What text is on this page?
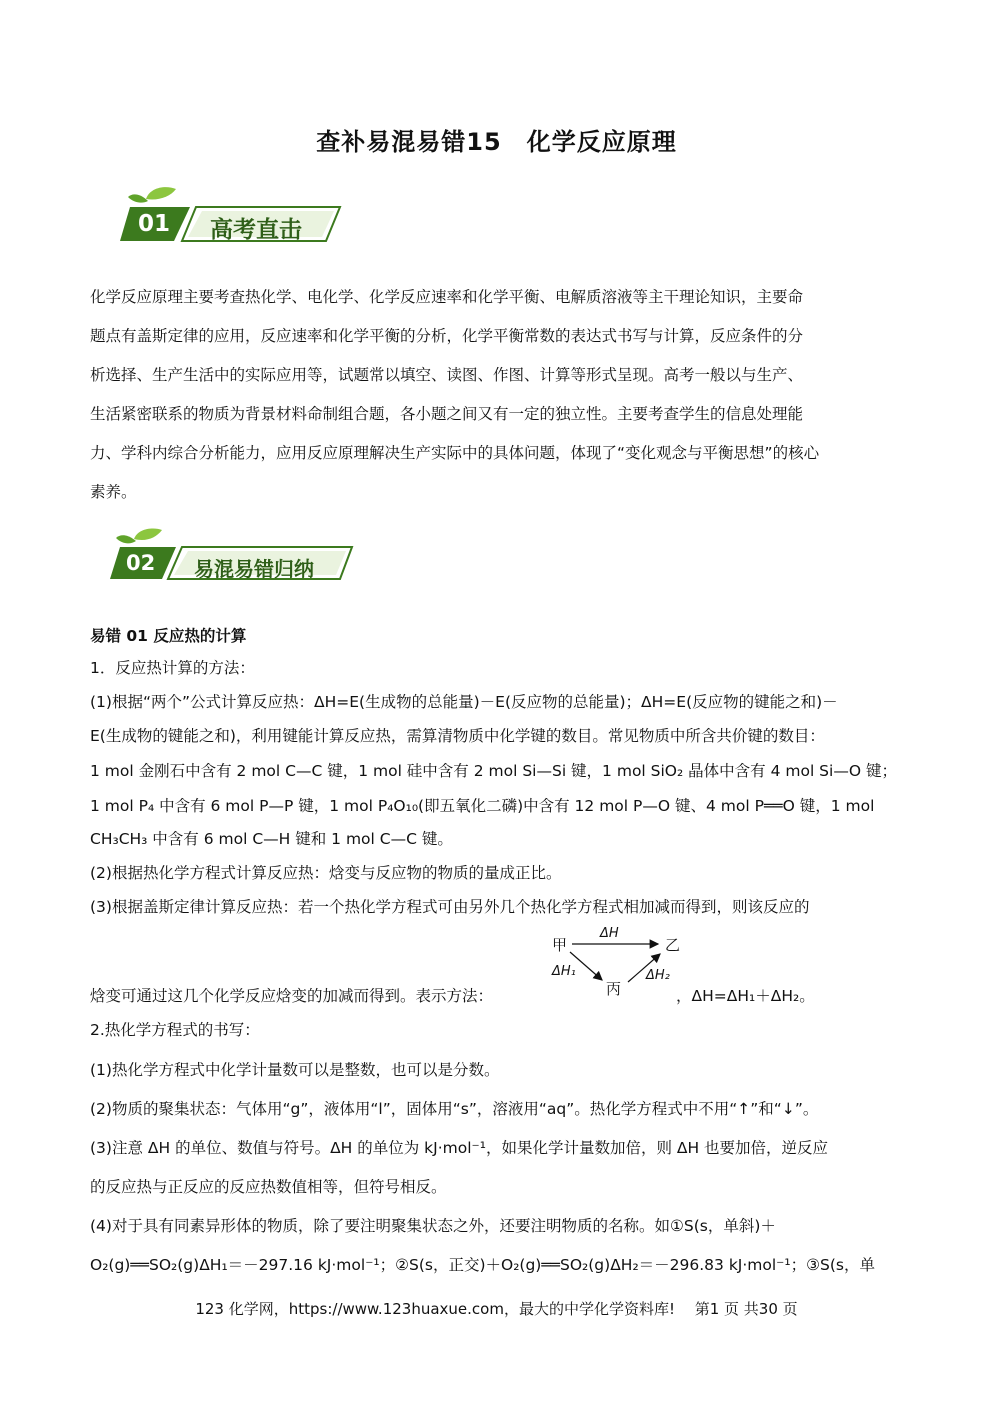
查补易混易错15　化学反应原理
01 高考直击
化学反应原理主要考查热化学、电化学、化学反应速率和化学平衡、电解质溶液等主干理论知识，主要命
题点有盖斯定律的应用，反应速率和化学平衡的分析，化学平衡常数的表达式书写与计算，反应条件的分
析选择、生产生活中的实际应用等，试题常以填空、读图、作图、计算等形式呈现。高考一般以与生产、
生活紧密联系的物质为背景材料命制组合题，各小题之间又有一定的独立性。主要考查学生的信息处理能
力、学科内综合分析能力，应用反应原理解决生产实际中的具体问题，体现了“变化观念与平衡思想”的核心
素养。
02 易混易错归纳
易错 01 反应热的计算
1．反应热计算的方法：
(1)根据“两个”公式计算反应热：ΔH=E(生成物的总能量)－E(反应物的总能量)；ΔH=E(反应物的键能之和)－
E(生成物的键能之和)，利用键能计算反应热，需算清物质中化学键的数目。常见物质中所含共价键的数目：
1 mol 金刚石中含有 2 mol C—C 键，1 mol 硅中含有 2 mol Si—Si 键，1 mol SiO₂ 晶体中含有 4 mol Si—O 键；
1 mol P₄ 中含有 6 mol P—P 键，1 mol P₄O₁₀(即五氧化二磷)中含有 12 mol P—O 键、4 mol P══O 键，1 mol
CH₃CH₃ 中含有 6 mol C—H 键和 1 mol C—C 键。
(2)根据热化学方程式计算反应热：焓变与反应物的物质的量成正比。
(3)根据盖斯定律计算反应热：若一个热化学方程式可由另外几个热化学方程式相加减而得到，则该反应的
焓变可通过这几个化学反应焓变的加减而得到。表示方法：
甲	乙
丙
ΔH
ΔH₁	ΔH₂
，ΔH=ΔH₁＋ΔH₂。
2.热化学方程式的书写：
(1)热化学方程式中化学计量数可以是整数，也可以是分数。
(2)物质的聚集状态：气体用“g”，液体用“l”，固体用“s”，溶液用“aq”。热化学方程式中不用“↑”和“↓”。
(3)注意 ΔH 的单位、数值与符号。ΔH 的单位为 kJ·mol⁻¹，如果化学计量数加倍，则 ΔH 也要加倍，逆反应
的反应热与正反应的反应热数值相等，但符号相反。
(4)对于具有同素异形体的物质，除了要注明聚集状态之外，还要注明物质的名称。如①S(s，单斜)＋
O₂(g)══SO₂(g)ΔH₁＝－297.16 kJ·mol⁻¹；②S(s，正交)＋O₂(g)══SO₂(g)ΔH₂＝－296.83 kJ·mol⁻¹；③S(s，单
123 化学网，https://www.123huaxue.com，最大的中学化学资料库!　 第1 页 共30 页
